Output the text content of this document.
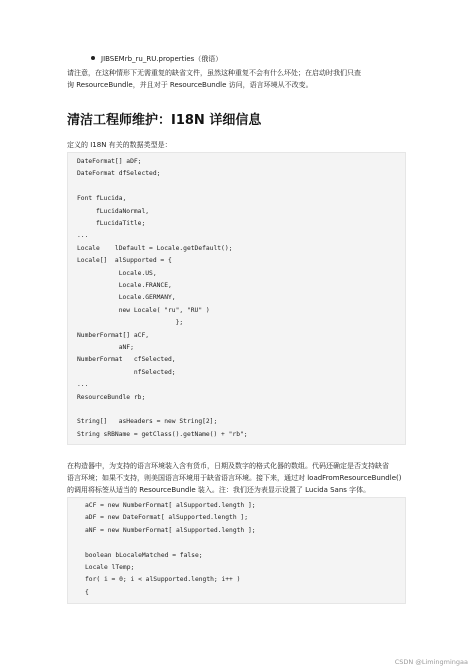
JIBSEMrb_ru_RU.properties（俄语）
请注意，在这种情形下无需重复的缺省文件，虽然这种重复不会有什么坏处；在启动时我们只查
询 ResourceBundle，并且对于 ResourceBundle 访问，语言环境从不改变。
清洁工程师维护：I18N 详细信息
定义的 I18N 有关的数据类型是：
DateFormat[] aDF;
DateFormat dfSelected;
Font fLucida,
fLucidaNormal,
fLucidaTitle;
...
Locale    lDefault = Locale.getDefault();
Locale[]  alSupported = {
Locale.US,
Locale.FRANCE,
Locale.GERMANY,
new Locale( "ru", "RU" )
};
NumberFormat[] aCF,
aNF;
NumberFormat   cfSelected,
nfSelected;
...
ResourceBundle rb;
String[]   asHeaders = new String[2];
String sRBName = getClass().getName() + "rb";
在构造器中，为支持的语言环境装入含有货币，日期及数字的格式化器的数组。代码还确定是否支持缺省
语言环境；如果不支持，则美国语言环境用于缺省语言环境。接下来，通过对 loadFromResourceBundle()
的调用将标签从适当的 ResourceBundle 装入。注：我们还为表显示设置了 Lucida Sans 字体。
aCF = new NumberFormat[ alSupported.length ];
aDF = new DateFormat[ alSupported.length ];
aNF = new NumberFormat[ alSupported.length ];
boolean bLocaleMatched = false;
Locale lTemp;
for( i = 0; i < alSupported.length; i++ )
{
CSDN @Limingmingaa
